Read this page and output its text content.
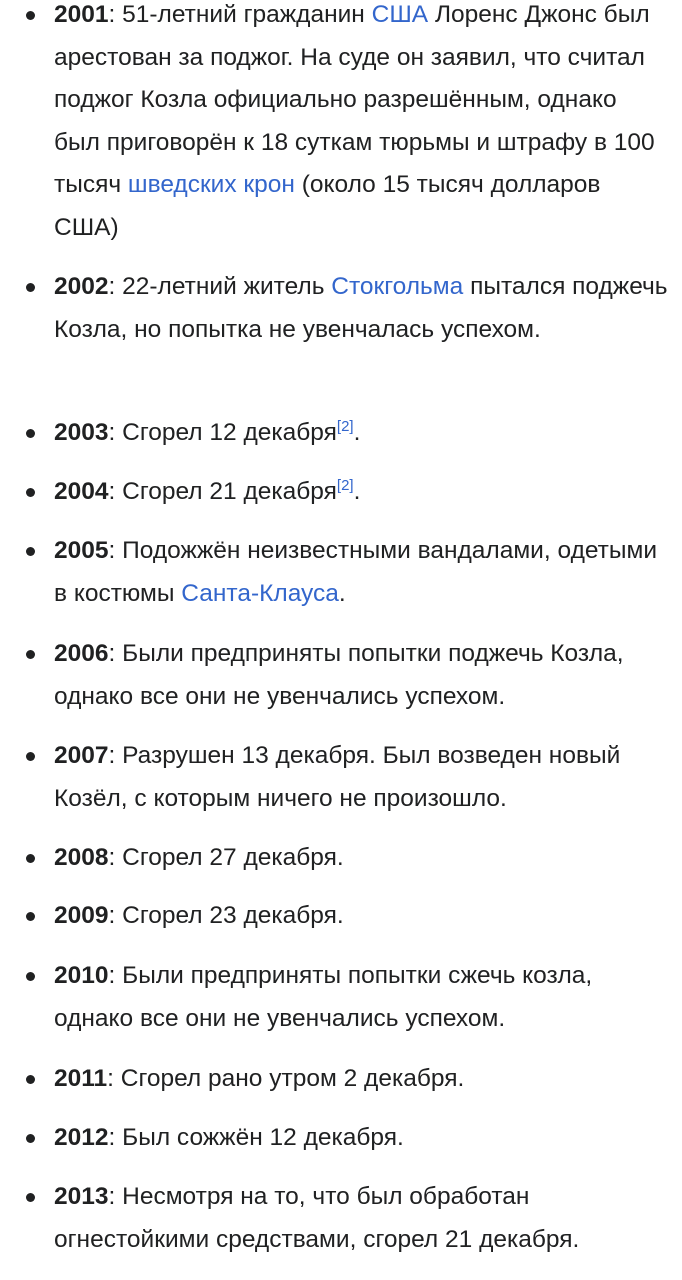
2001: 51-летний гражданин США Лоренс Джонс был арестован за поджог. На суде он заявил, что считал поджог Козла официально разрешённым, однако был приговорён к 18 суткам тюрьмы и штрафу в 100 тысяч шведских крон (около 15 тысяч долларов США)
2002: 22-летний житель Стокгольма пытался поджечь Козла, но попытка не увенчалась успехом.
2003: Сгорел 12 декабря[2].
2004: Сгорел 21 декабря[2].
2005: Подожжён неизвестными вандалами, одетыми в костюмы Санта-Клауса.
2006: Были предприняты попытки поджечь Козла, однако все они не увенчались успехом.
2007: Разрушен 13 декабря. Был возведен новый Козёл, с которым ничего не произошло.
2008: Сгорел 27 декабря.
2009: Сгорел 23 декабря.
2010: Были предприняты попытки сжечь козла, однако все они не увенчались успехом.
2011: Сгорел рано утром 2 декабря.
2012: Был сожжён 12 декабря.
2013: Несмотря на то, что был обработан огнестойкими средствами, сгорел 21 декабря.
